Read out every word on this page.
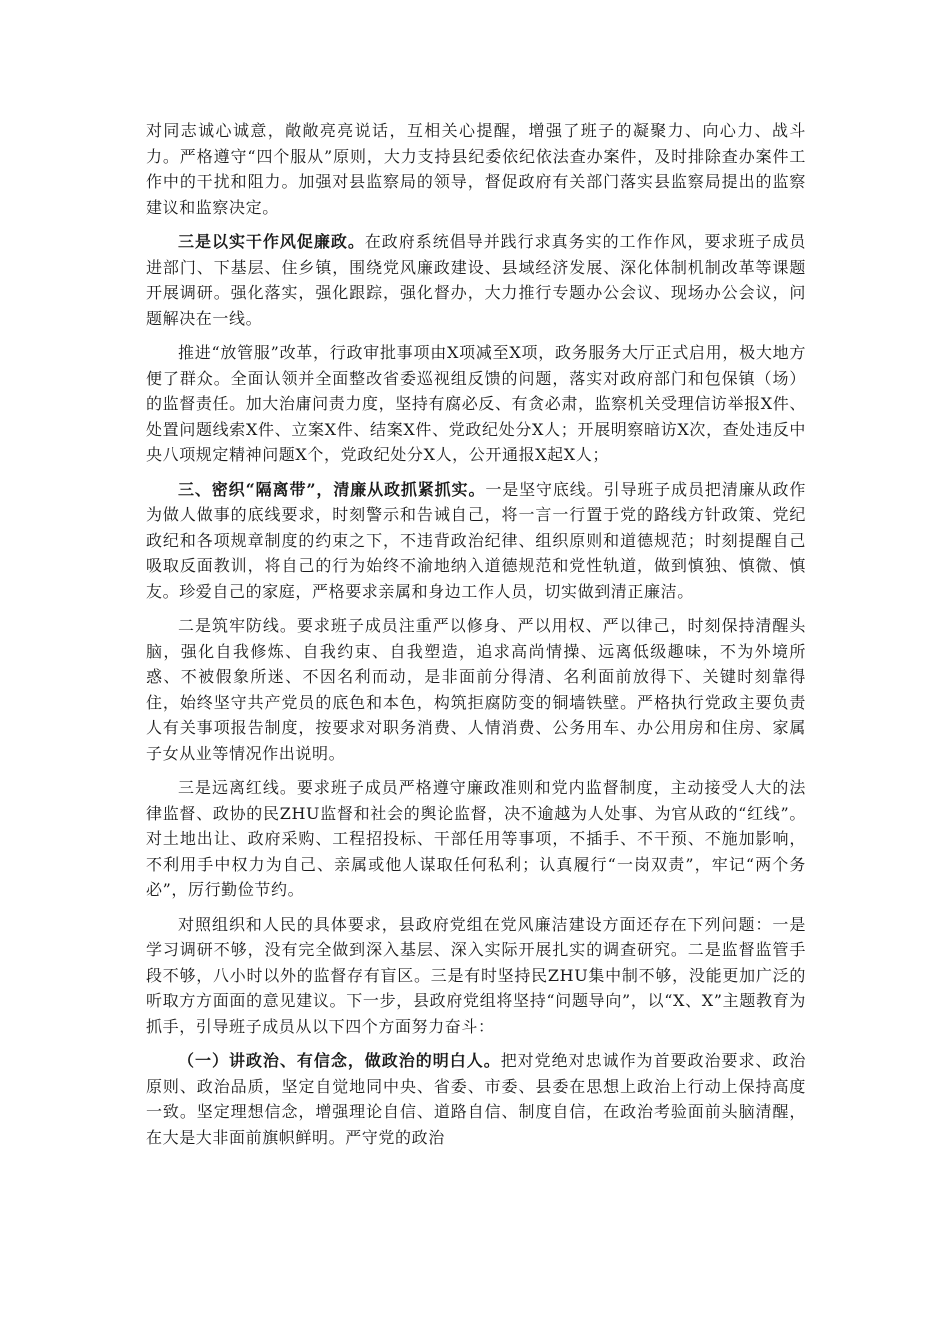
对同志诚心诚意，敞敞亮亮说话，互相关心提醒，增强了班子的凝聚力、向心力、战斗力。严格遵守“四个服从”原则，大力支持县纪委依纪依法查办案件，及时排除查办案件工作中的干扰和阻力。加强对县监察局的领导，督促政府有关部门落实县监察局提出的监察建议和监察决定。

三是以实干作风促廉政。在政府系统倡导并践行求真务实的工作作风，要求班子成员进部门、下基层、住乡镇，围绕党风廉政建设、县域经济发展、深化体制机制改革等课题开展调研。强化落实，强化跟踪，强化督办，大力推行专题办公会议、现场办公会议，问题解决在一线。

推进“放管服”改革，行政审批事项由X项减至X项，政务服务大厅正式启用，极大地方便了群众。全面认领并全面整改省委巡视组反馈的问题，落实对政府部门和包保镇（场）的监督责任。加大治庸问责力度，坚持有腐必反、有贪必肃，监察机关受理信访举报X件、处置问题线索X件、立案X件、结案X件、党政纪处分X人；开展明察暗访X次，查处违反中央八项规定精神问题X个，党政纪处分X人，公开通报X起X人；

三、密织“隔离带”，清廉从政抓紧抓实。一是坚守底线。引导班子成员把清廉从政作为做人做事的底线要求，时刻警示和告诫自己，将一言一行置于党的路线方针政策、党纪政纪和各项规章制度的约束之下，不违背政治纪律、组织原则和道德规范；时刻提醒自己吸取反面教训，将自己的行为始终不渝地纳入道德规范和党性轨道，做到慎独、慎微、慎友。珍爱自己的家庭，严格要求亲属和身边工作人员，切实做到清正廉洁。

二是筑牢防线。要求班子成员注重严以修身、严以用权、严以律己，时刻保持清醒头脑，强化自我修炼、自我约束、自我塑造，追求高尚情操、远离低级趣味，不为外境所惑、不被假象所迷、不因名利而动，是非面前分得清、名利面前放得下、关键时刻靠得住，始终坚守共产党员的底色和本色，构筑拒腐防变的铜墙铁壁。严格执行党政主要负责人有关事项报告制度，按要求对职务消费、人情消费、公务用车、办公用房和住房、家属子女从业等情况作出说明。

三是远离红线。要求班子成员严格遵守廉政准则和党内监督制度，主动接受人大的法律监督、政协的民ZHU监督和社会的舆论监督，决不逾越为人处事、为官从政的“红线”。对土地出让、政府采购、工程招投标、干部任用等事项，不插手、不干预、不施加影响，不利用手中权力为自己、亲属或他人谋取任何私利；认真履行“一岗双责”，牢记“两个务必”，厉行勤俭节约。

对照组织和人民的具体要求，县政府党组在党风廉洁建设方面还存在下列问题：一是学习调研不够，没有完全做到深入基层、深入实际开展扎实的调查研究。二是监督监管手段不够，八小时以外的监督存有盲区。三是有时坚持民ZHU集中制不够，没能更加广泛的听取方方面面的意见建议。下一步，县政府党组将坚持“问题导向”，以“X、X”主题教育为抓手，引导班子成员从以下四个方面努力奋斗：

（一）讲政治、有信念，做政治的明白人。把对党绝对忠诚作为首要政治要求、政治原则、政治品质，坚定自觉地同中央、省委、市委、县委在思想上政治上行动上保持高度一致。坚定理想信念，增强理论自信、道路自信、制度自信，在政治考验面前头脑清醒，在大是大非面前旗帜鲜明。严守党的政治
